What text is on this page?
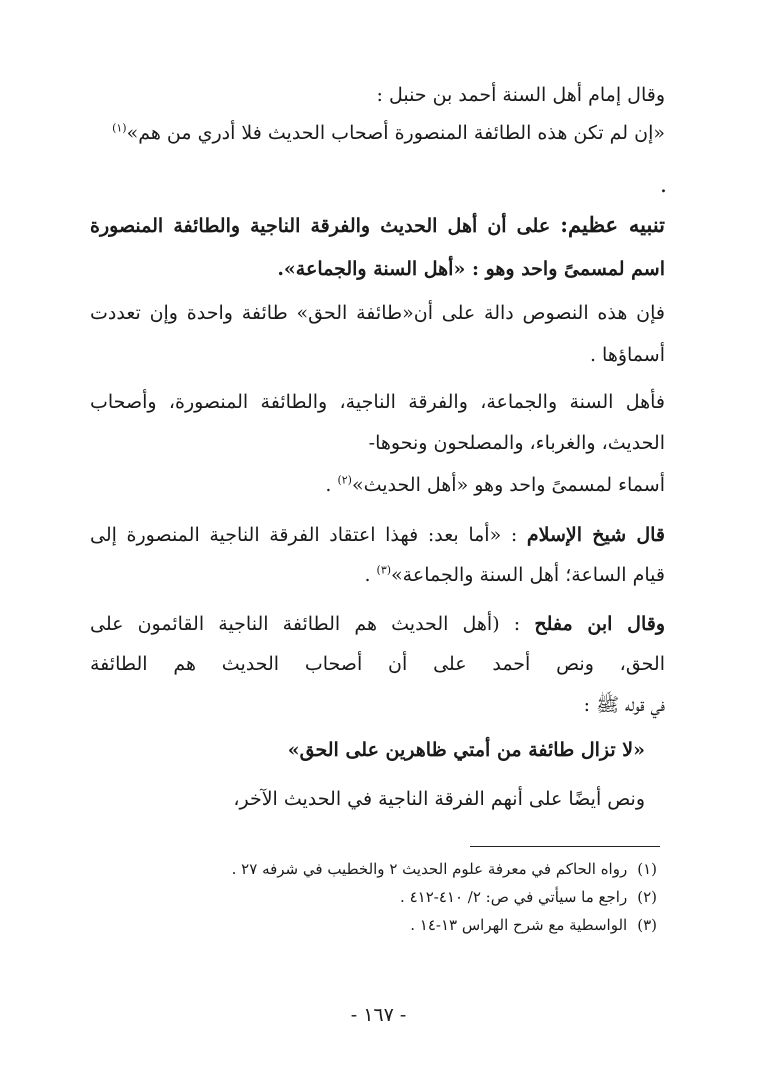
وقال إمام أهل السنة أحمد بن حنبل :
«إن لم تكن هذه الطائفة المنصورة أصحاب الحديث فلا أدري من هم»$^{(١)}$
.
تنبيه عظيم: على أن أهل الحديث والفرقة الناجية والطائفة المنصورة
اسم لمسمىً واحد وهو : «أهل السنة والجماعة».
فإن هذه النصوص دالة على أن«طائفة الحق» طائفة واحدة وإن تعددت
أسماؤها .
فأهل السنة والجماعة، والفرقة الناجية، والطائفة المنصورة، وأصحاب
الحديث، والغرباء، والمصلحون ونحوها-
أسماء لمسمىً واحد وهو «أهل الحديث»$^{(٢)}$ .
قال شيخ الإسلام : «أما بعد: فهذا اعتقاد الفرقة الناجية المنصورة إلى
قيام الساعة؛ أهل السنة والجماعة»$^{(٣)}$ .
وقال ابن مفلح : (أهل الحديث هم الطائفة الناجية القائمون على
الحق، ونص أحمد على أن أصحاب الحديث هم الطائفة
في قوله ﷺ :
«لا تزال طائفة من أمتي ظاهرين على الحق»
ونص أيضًا على أنهم الفرقة الناجية في الحديث الآخر،
(١)رواه الحاكم في معرفة علوم الحديث ٢ والخطيب في شرفه ٢٧ .
(٢)راجع ما سيأتي في ص: ٢/ ٤١٠-٤١٢ .
(٣)الواسطية مع شرح الهراس ١٣-١٤ .
- ١٦٧ -
